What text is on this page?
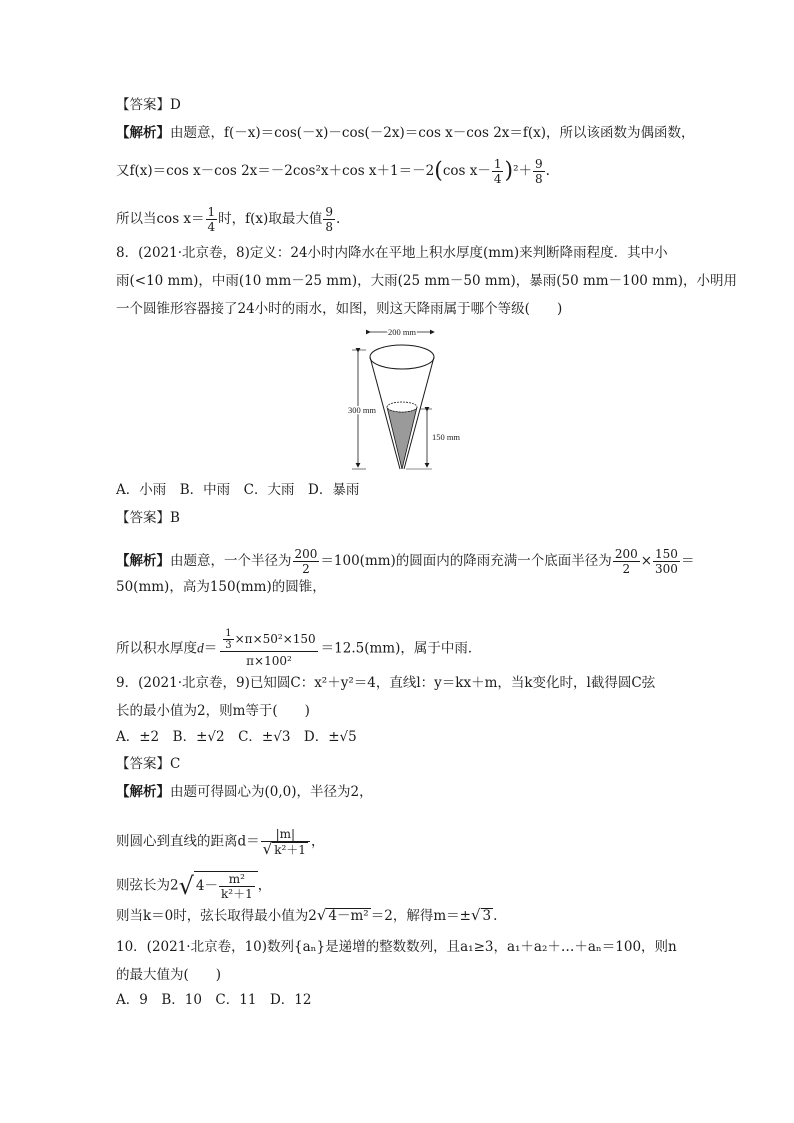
【答案】D
【解析】由题意，f(－x)＝cos(－x)－cos(－2x)＝cos x－cos 2x＝f(x)，所以该函数为偶函数，
又f(x)＝cos x－cos 2x＝－2cos²x＋cos x＋1＝－2(cos $x- \frac{1}{4} )^2+ \frac{9}{8}$ .
所以当$\cos x= \frac{1}{4}$ 时，f(x)取最大值 $\frac{9}{8}$ .
8．(2021·北京卷，8)定义：24小时内降水在平地上积水厚度(mm)来判断降雨程度．其中小
雨(<10 mm)，中雨(10 mm－25 mm)，大雨(25 mm－50 mm)，暴雨(50 mm－100 mm)，小明用
一个圆锥形容器接了24小时的雨水，如图，则这天降雨属于哪个等级(　　)
200 mm
300 mm
150 mm
A．小雨　B．中雨　C．大雨　D．暴雨
【答案】B
【解析】由题意，一个半径为 $\frac{200}{2} =100(mm)$的圆面内的降雨充满一个底面半径为 $\frac{200}{2} \times \frac{150}{300}$ ＝
50(mm)，高为150(mm)的圆锥，
所以积水厚度$d= \frac{\frac{1}{3} \times\pi\times 50^2\times 150}{\text{π×100²}} =12.5(mm)$，属于中雨．
9．(2021·北京卷，9)已知圆C：x²＋y²＝4，直线l：y＝kx＋m，当k变化时，l截得圆C弦
长的最小值为2，则m等于(　　)
A．±2　B．±√2　C．±√3　D．±√5
【答案】C
【解析】由题可得圆心为(0,0)，半径为2，
则圆心到直线的距离$d= \frac{|m|}{\text{√ k²＋1}}$ ，
则弦长为2√ $4- \frac{\text{m²}}{\text{k²＋1}}$ ，
则当k＝0时，弦长取得最小值为2√ 4－m² ＝2，解得m＝±√ 3 .
10．(2021·北京卷，10)数列{aₙ}是递增的整数数列，且a₁≥3，a₁＋a₂＋…＋aₙ＝100，则n
的最大值为(　　)
A．9　B．10　C．11　D．12
